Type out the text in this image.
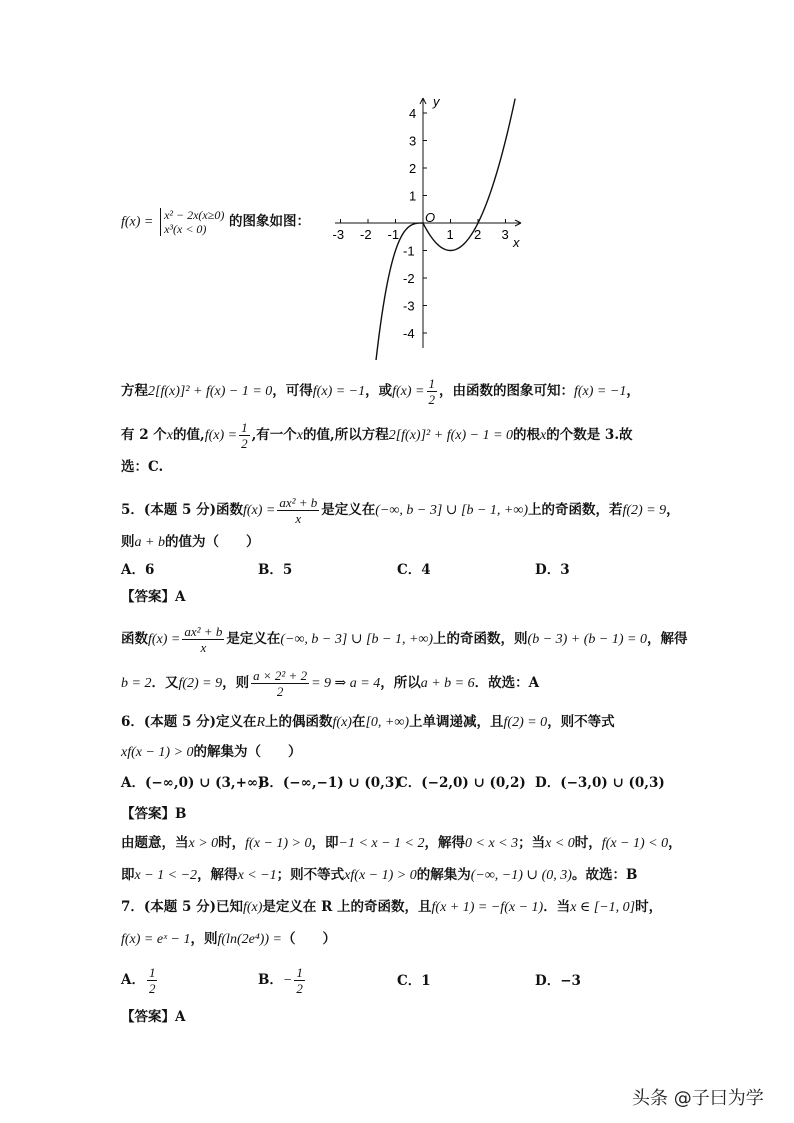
-3 -2 -1	1 2 3
4
3
2
1
-1
-2
-3
-4
y
x
O
f(x) = x² − 2x(x≥0)
x³(x < 0)	的图象如图：
方程2[f(x)]² + f(x) − 1 = 0，可得f(x) = −1，或$f(x) = \frac{1}{2}$ ，由函数的图象可知：f(x) = −1，
有 2 个x的值$,f(x) = \frac{1}{2}$ ,有一个x的值,所以方程2[f(x)]² + f(x) − 1 = 0的根x的个数是 3.故
选：C.
5．(本题 5 分)函数$f(x) = \frac{\text{ax² + b}}{x}$ 是定义在(−∞, b − 3] ∪ [b − 1, +∞)上的奇函数，若f(2) = 9，
则a + b的值为（　　）
A．6	B．5	C．4	D．3
【答案】A
函数$f(x) = \frac{\text{ax² + b}}{x}$ 是定义在(−∞, b − 3] ∪ [b − 1, +∞)上的奇函数，则(b − 3) + (b − 1) = 0，解得
b = 2．又f(2) = 9，则 $\frac{\text{a × 2² + 2}}{2} = 9$ ⇒ a = 4，所以a + b = 6．故选：A
6．(本题 5 分)定义在R上的偶函数f(x)在[0, +∞)上单调递减，且f(2) = 0，则不等式
xf(x − 1) > 0的解集为（　　）
A．(−∞,0) ∪ (3,+∞)
B．(−∞,−1) ∪ (0,3)
C．(−2,0) ∪ (0,2) D．(−3,0) ∪ (0,3)
【答案】B
由题意，当x > 0时，f(x − 1) > 0，即−1 < x − 1 < 2，解得0 < x < 3；当x < 0时，f(x − 1) < 0，
即x − 1 < −2，解得x < −1；则不等式xf(x − 1) > 0的解集为(−∞, −1) ∪ (0, 3)。故选：B
7．(本题 5 分)已知f(x)是定义在 R 上的奇函数，且f(x + 1) = −f(x − 1)．当x ∈ [−1, 0]时，
f(x) = eˣ − 1，则f(ln(2e⁴)) =（　　）
A． $\frac{1}{2}$	B．− $\frac{1}{2}$	C．1	D．−3
【答案】A
头条 @子曰为学
